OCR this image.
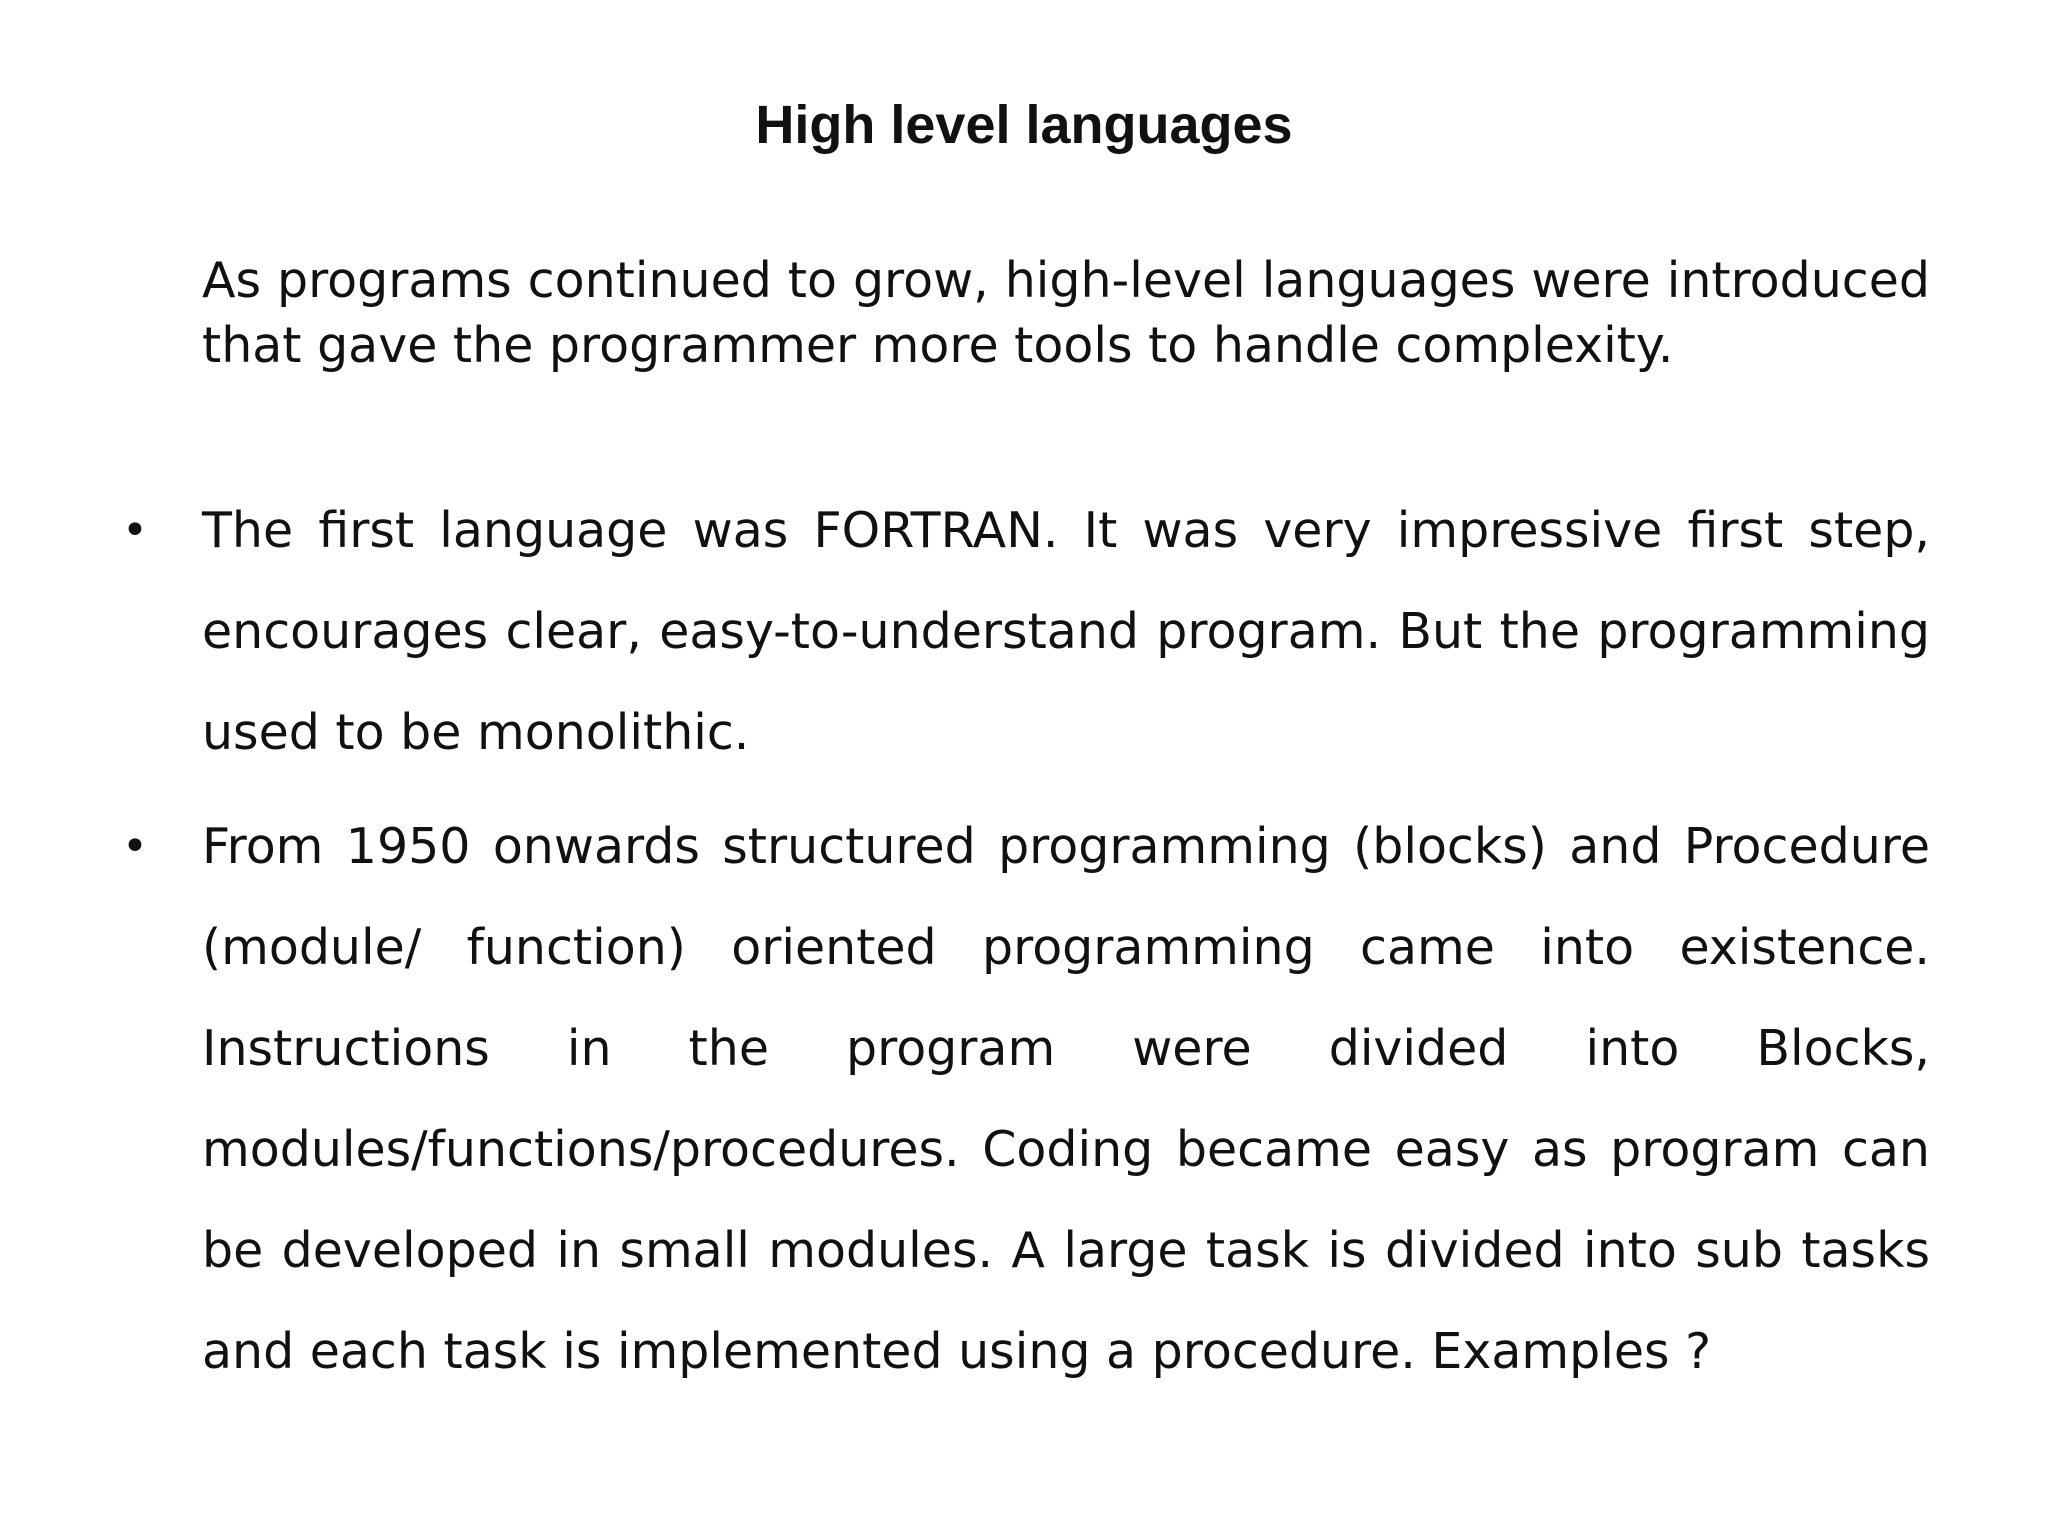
High level languages

As programs continued to grow, high-level languages were introduced that gave the programmer more tools to handle complexity.

• The first language was FORTRAN. It was very impressive first step, encourages clear, easy-to-understand program. But the programming used to be monolithic.
• From 1950 onwards structured programming (blocks) and Procedure (module/ function) oriented programming came into existence. Instructions in the program were divided into Blocks, modules/functions/procedures. Coding became easy as program can be developed in small modules. A large task is divided into sub tasks and each task is implemented using a procedure. Examples ?
